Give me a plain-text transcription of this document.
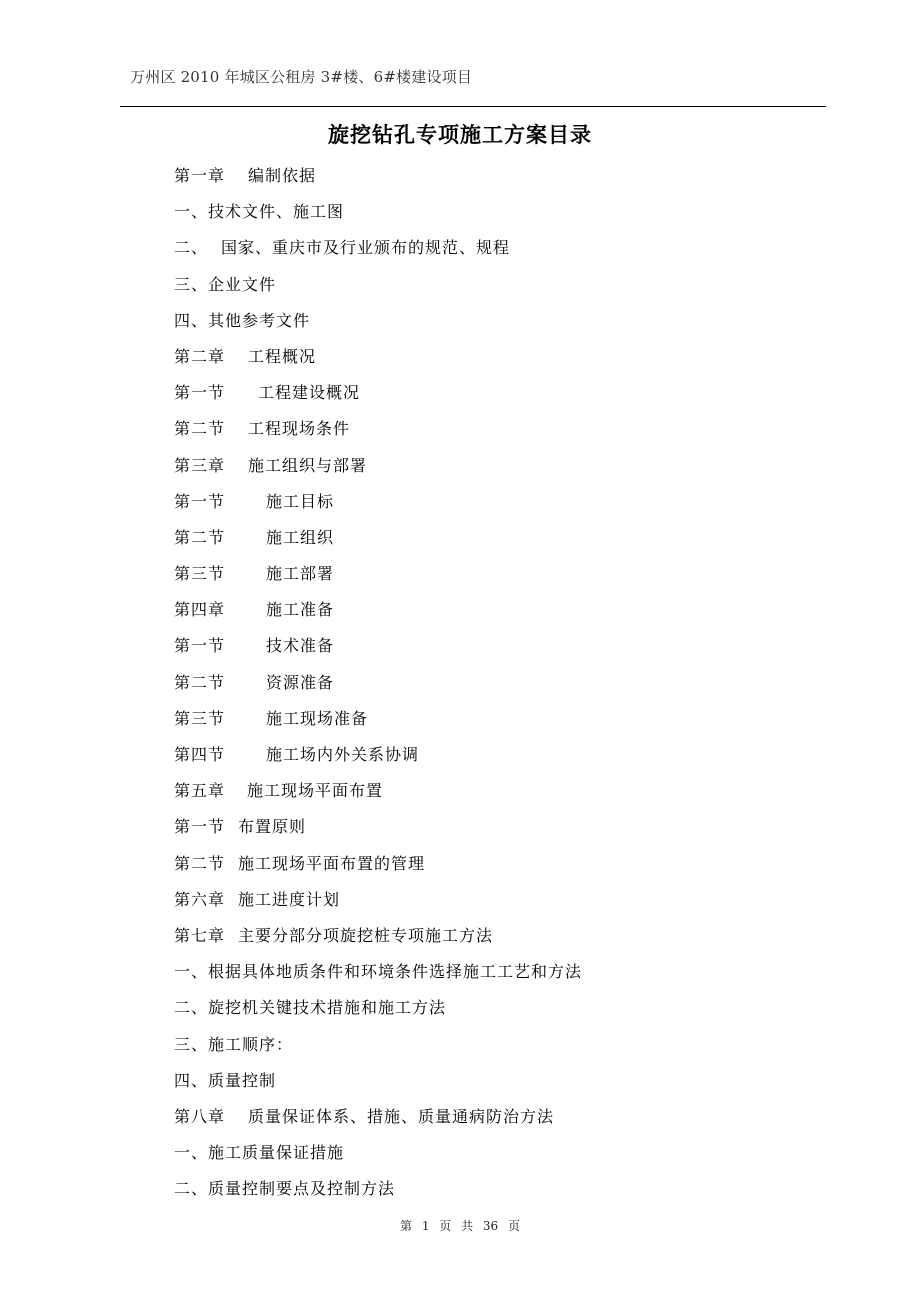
万州区 2010 年城区公租房 3#楼、6#楼建设项目
旋挖钻孔专项施工方案目录
第一章	编制依据
一、 技术文件、施工图
二、 国家、重庆市及行业颁布的规范、规程
三、 企业文件
四、 其他参考文件
第二章	工程概况
第一节	工程建设概况
第二节	工程现场条件
第三章	施工组织与部署
第一节	施工目标
第二节	施工组织
第三节	施工部署
第四章	施工准备
第一节	技术准备
第二节	资源准备
第三节	施工现场准备
第四节	施工场内外关系协调
第五章	施工现场平面布置
第一节 布置原则
第二节 施工现场平面布置的管理
第六章 施工进度计划
第七章 主要分部分项旋挖桩专项施工方法
一、 根据具体地质条件和环境条件选择施工工艺和方法
二、 旋挖机关键技术措施和施工方法
三、 施工顺序：
四、 质量控制
第八章	质量保证体系、措施、质量通病防治方法
一、 施工质量保证措施
二、 质量控制要点及控制方法
第 1 页 共 36 页
